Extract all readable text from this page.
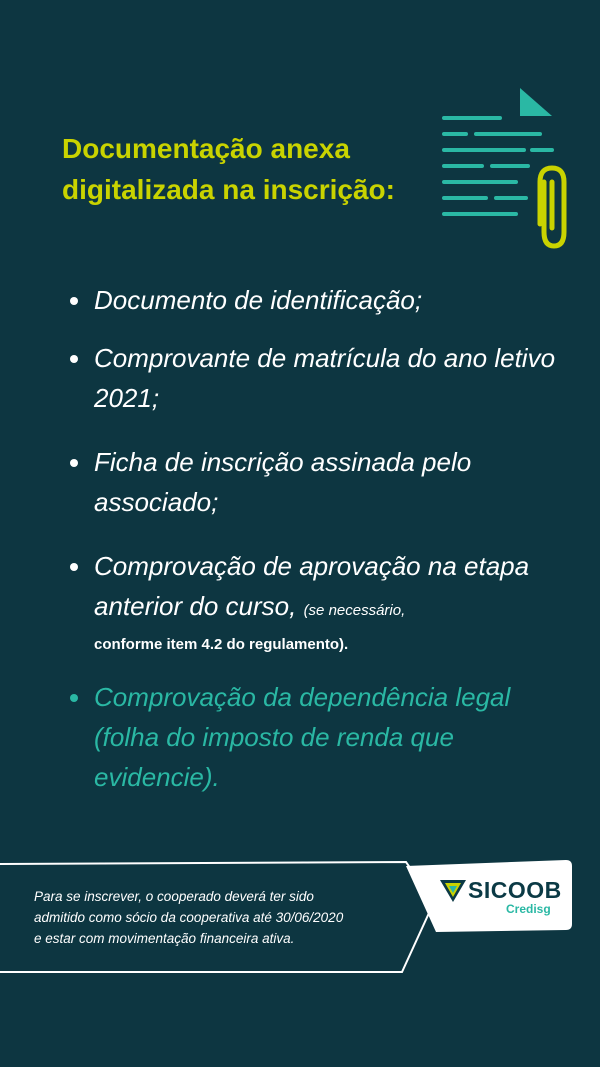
Documentação anexa
digitalizada na inscrição:
Documento de identificação;
Comprovante de matrícula do ano letivo 2021;
Ficha de inscrição assinada pelo associado;
Comprovação de aprovação na etapa anterior do curso, (se necessário,
conforme item 4.2 do regulamento).
Comprovação da dependência legal (folha do imposto de renda que evidencie).

Para se inscrever, o cooperado deverá ter sido
admitido como sócio da cooperativa até 30/06/2020
e estar com movimentação financeira ativa.

SICOOB
Credisg
